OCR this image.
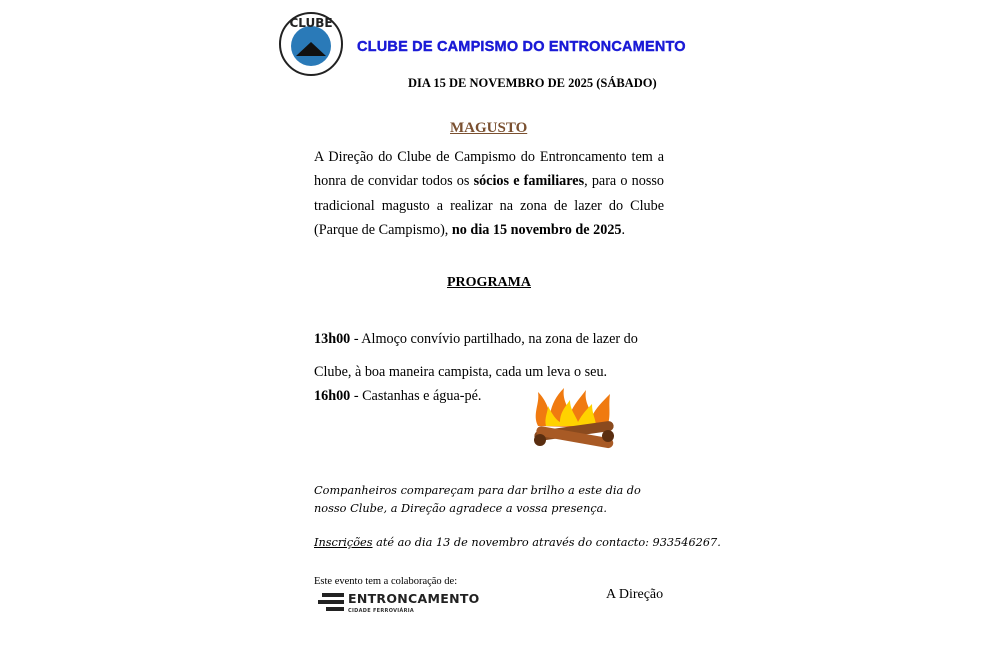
CLUBE
CLUBE DE CAMPISMO DO ENTRONCAMENTO
DIA 15 DE NOVEMBRO DE 2025 (SÁBADO)
MAGUSTO
A Direção do Clube de Campismo do Entroncamento tem a honra de convidar todos os sócios e familiares, para o nosso tradicional magusto a realizar na zona de lazer do Clube (Parque de Campismo), no dia 15 novembro de 2025.
PROGRAMA
13h00 - Almoço convívio partilhado, na zona de lazer do Clube, à boa maneira campista, cada um leva o seu.
16h00 - Castanhas e água-pé.
Companheiros compareçam para dar brilho a este dia do nosso Clube, a Direção agradece a vossa presença.
Inscrições até ao dia 13 de novembro através do contacto: 933546267.
Este evento tem a colaboração de:
ENTRONCAMENTO
CIDADE FERROVIÁRIA
A Direção
